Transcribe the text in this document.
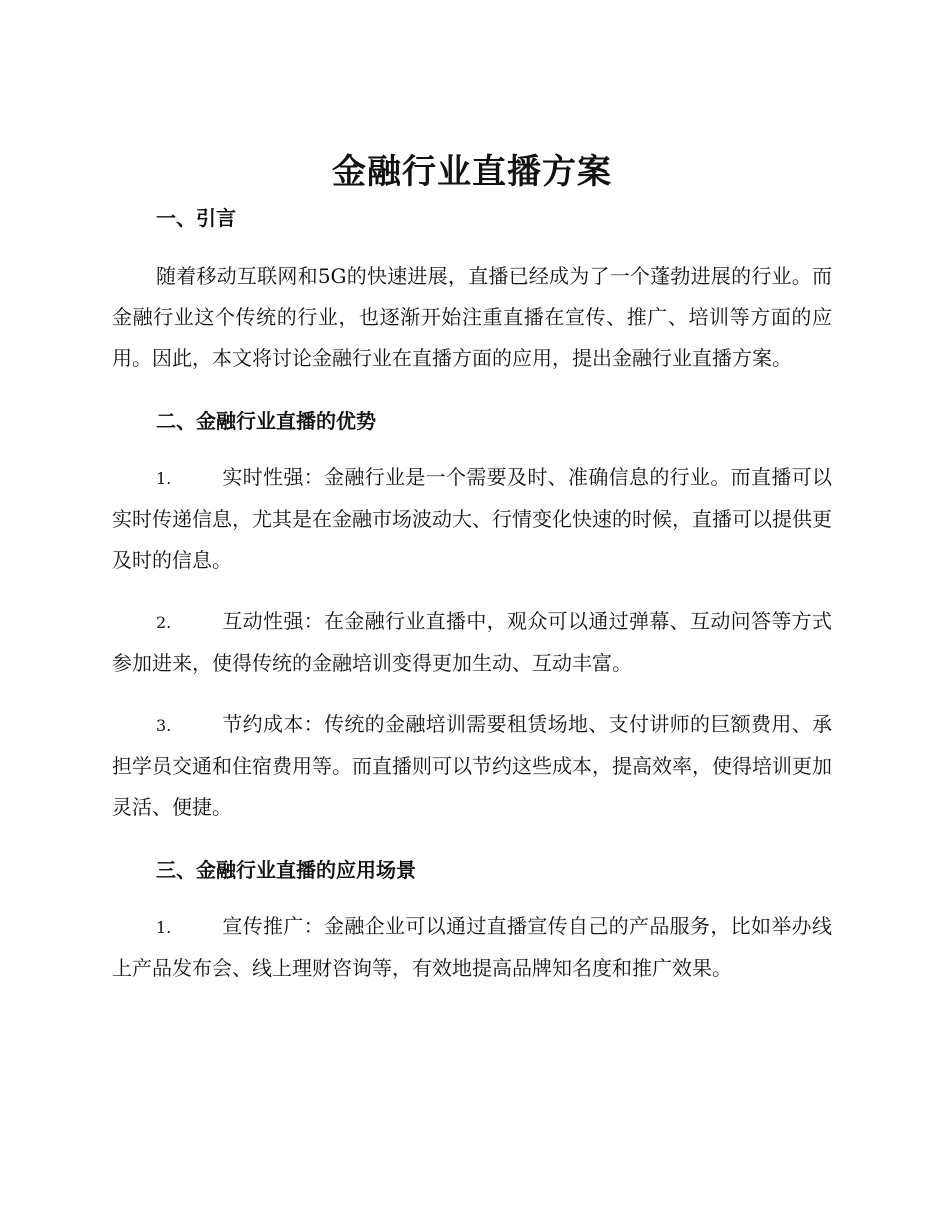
金融行业直播方案
一、引言

随着移动互联网和5G的快速进展，直播已经成为了一个蓬勃进展的行业。而金融行业这个传统的行业，也逐渐开始注重直播在宣传、推广、培训等方面的应用。因此，本文将讨论金融行业在直播方面的应用，提出金融行业直播方案。

二、金融行业直播的优势

1.	实时性强：金融行业是一个需要及时、准确信息的行业。而直播可以实时传递信息，尤其是在金融市场波动大、行情变化快速的时候，直播可以提供更及时的信息。

2.	互动性强：在金融行业直播中，观众可以通过弹幕、互动问答等方式参加进来，使得传统的金融培训变得更加生动、互动丰富。

3.	节约成本：传统的金融培训需要租赁场地、支付讲师的巨额费用、承担学员交通和住宿费用等。而直播则可以节约这些成本，提高效率，使得培训更加灵活、便捷。

三、金融行业直播的应用场景

1.	宣传推广：金融企业可以通过直播宣传自己的产品服务，比如举办线上产品发布会、线上理财咨询等，有效地提高品牌知名度和推广效果。
